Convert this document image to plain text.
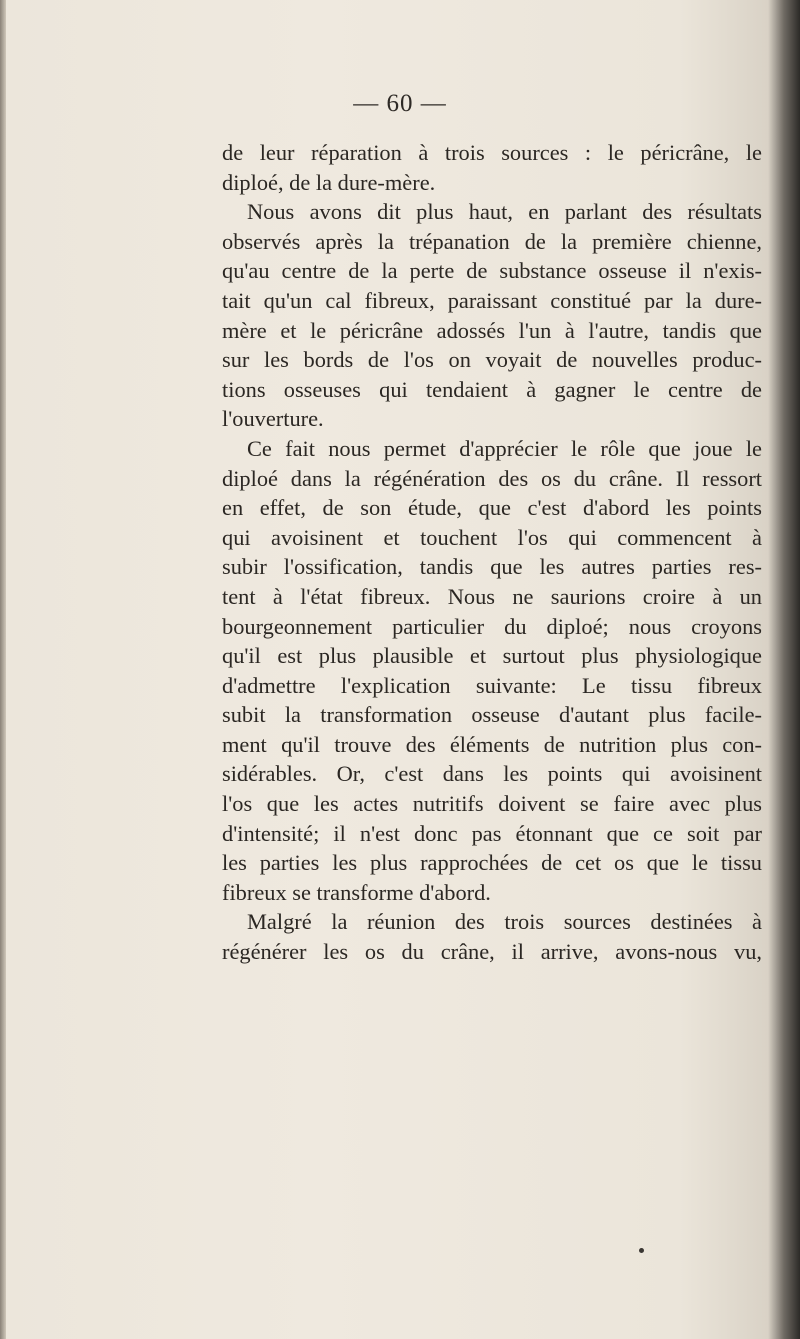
— 60 —
de leur réparation à trois sources : le péricrâne, le
diploé, de la dure-mère.
Nous avons dit plus haut, en parlant des résultats
observés après la trépanation de la première chienne,
qu'au centre de la perte de substance osseuse il n'exis-
tait qu'un cal fibreux, paraissant constitué par la dure-
mère et le péricrâne adossés l'un à l'autre, tandis que
sur les bords de l'os on voyait de nouvelles produc-
tions osseuses qui tendaient à gagner le centre de
l'ouverture.
Ce fait nous permet d'apprécier le rôle que joue le
diploé dans la régénération des os du crâne. Il ressort
en effet, de son étude, que c'est d'abord les points
qui avoisinent et touchent l'os qui commencent à
subir l'ossification, tandis que les autres parties res-
tent à l'état fibreux. Nous ne saurions croire à un
bourgeonnement particulier du diploé; nous croyons
qu'il est plus plausible et surtout plus physiologique
d'admettre l'explication suivante: Le tissu fibreux
subit la transformation osseuse d'autant plus facile-
ment qu'il trouve des éléments de nutrition plus con-
sidérables. Or, c'est dans les points qui avoisinent
l'os que les actes nutritifs doivent se faire avec plus
d'intensité; il n'est donc pas étonnant que ce soit par
les parties les plus rapprochées de cet os que le tissu
fibreux se transforme d'abord.
Malgré la réunion des trois sources destinées à
régénérer les os du crâne, il arrive, avons-nous vu,
